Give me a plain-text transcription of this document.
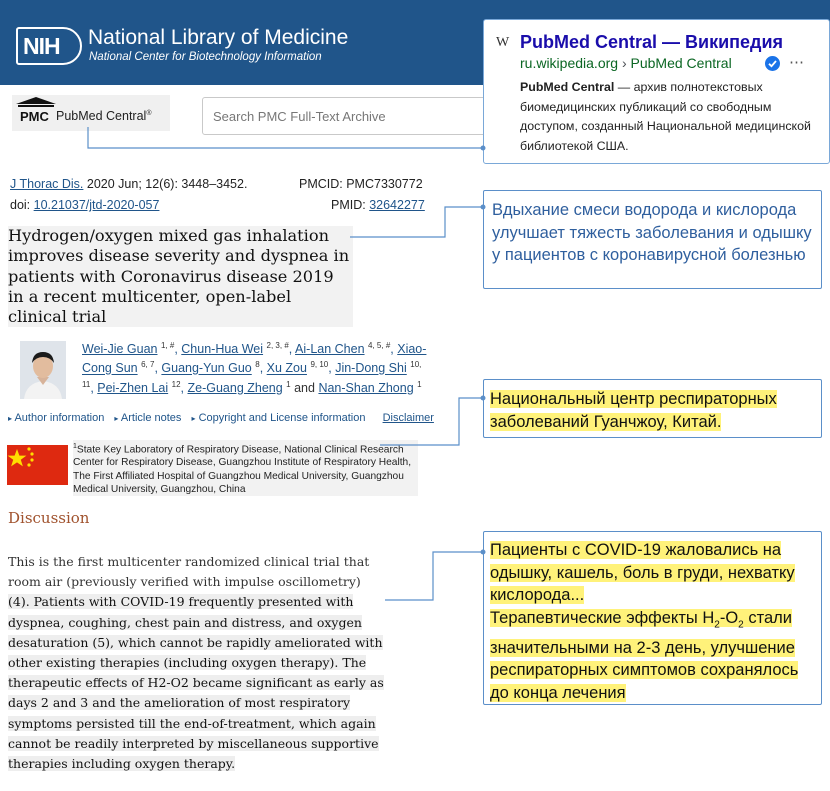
NIH	National Library of Medicine
National Center for Biotechnology Information
PMC PubMed Central®
Search PMC Full-Text Archive
J Thorac Dis. 2020 Jun; 12(6): 3448–3452.	PMCID: PMC7330772
doi: 10.21037/jtd-2020-057	PMID: 32642277
Hydrogen/oxygen mixed gas inhalation improves disease severity and dyspnea in patients with Coronavirus disease 2019 in a recent multicenter, open-label clinical trial
Wei-Jie Guan $^{1, \#}$, Chun-Hua Wei $^{2, 3, \#}$, Ai-Lan Chen $^{4, 5, \#}$, Xiao-Cong Sun $^{6, 7}$, Guang-Yun Guo $^8$, Xu Zou $^{9, 10}$, Jin-Dong Shi $^{10, 11}$, Pei-Zhen Lai $^{12}$, Ze-Guang Zheng $^1$ and Nan-Shan Zhong $^1$
▸ Author information ▸ Article notes ▸ Copyright and License information Disclaimer
$^1$State Key Laboratory of Respiratory Disease, National Clinical Research Center for Respiratory Disease, Guangzhou Institute of Respiratory Health, The First Affiliated Hospital of Guangzhou Medical University, Guangzhou Medical University, Guangzhou, China
Discussion
This is the first multicenter randomized clinical trial that
room air (previously verified with impulse oscillometry)
(4). Patients with COVID-19 frequently presented with dyspnea, coughing, chest pain and distress, and oxygen desaturation (5), which cannot be rapidly ameliorated with other existing therapies (including oxygen therapy). The therapeutic effects of H2-O2 became significant as early as days 2 and 3 and the amelioration of most respiratory symptoms persisted till the end-of-treatment, which again cannot be readily interpreted by miscellaneous supportive therapies including oxygen therapy.
W PubMed Central — Википедия
ru.wikipedia.org › PubMed Central	⋯
PubMed Central — архив полнотекстовых биомедицинских публикаций со свободным доступом, созданный Национальной медицинской библиотекой США.
Вдыхание смеси водорода и кислорода улучшает тяжесть заболевания и одышку у пациентов с коронавирусной болезнью
Национальный центр респираторных заболеваний Гуанчжоу, Китай.
Пациенты с COVID-19 жаловались на одышку, кашель, боль в груди, нехватку кислорода...
Терапевтические эффекты $H_2-O_2$ стали значительными на 2-3 день, улучшение респираторных симптомов сохранялось до конца лечения
